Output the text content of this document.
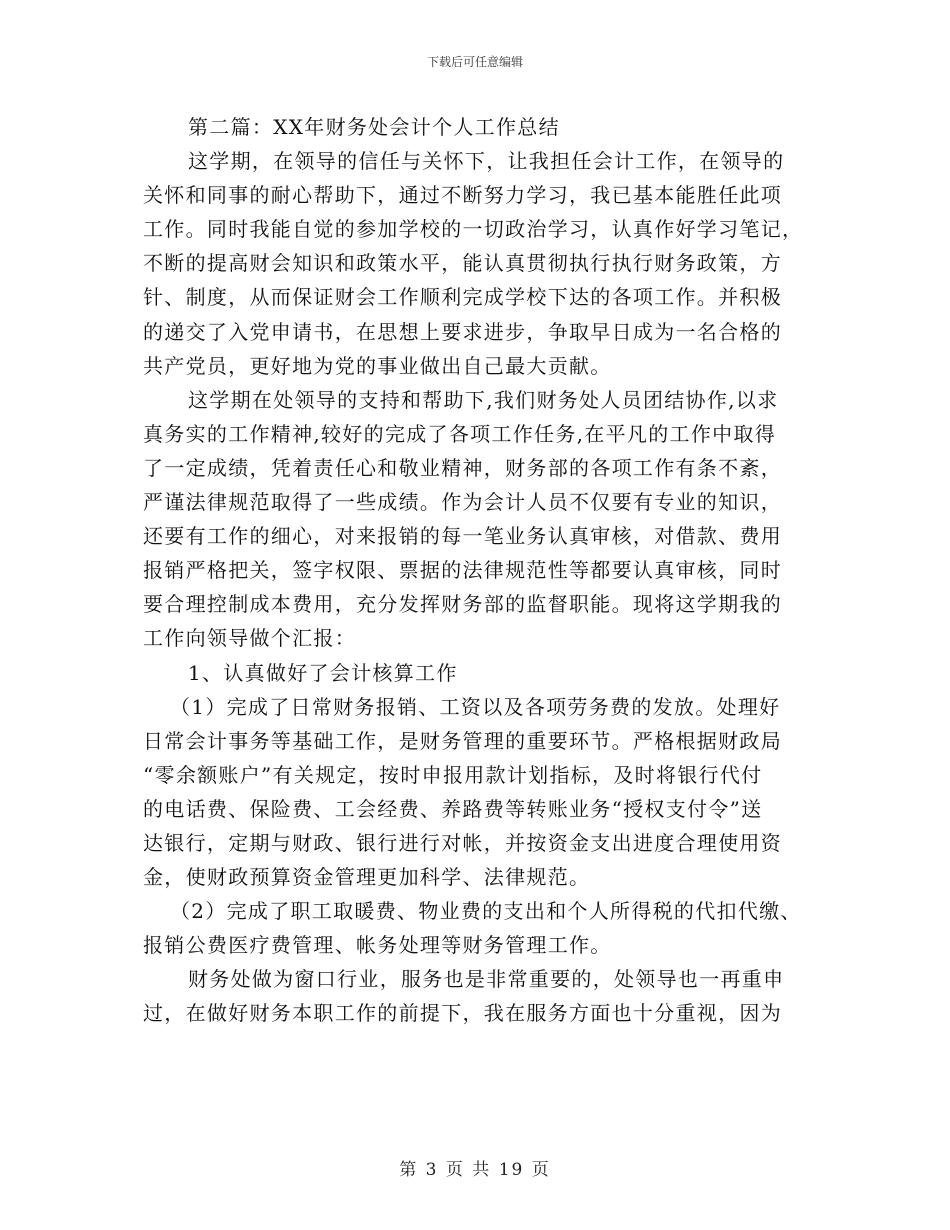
下载后可任意编辑
第二篇：XX年财务处会计个人工作总结
这学期，在领导的信任与关怀下，让我担任会计工作，在领导的
关怀和同事的耐心帮助下，通过不断努力学习，我已基本能胜任此项
工作。同时我能自觉的参加学校的一切政治学习，认真作好学习笔记，
不断的提高财会知识和政策水平，能认真贯彻执行执行财务政策，方
针、制度，从而保证财会工作顺利完成学校下达的各项工作。并积极
的递交了入党申请书，在思想上要求进步，争取早日成为一名合格的
共产党员，更好地为党的事业做出自己最大贡献。
这学期在处领导的支持和帮助下,我们财务处人员团结协作,以求
真务实的工作精神,较好的完成了各项工作任务,在平凡的工作中取得
了一定成绩，凭着责任心和敬业精神，财务部的各项工作有条不紊，
严谨法律规范取得了一些成绩。作为会计人员不仅要有专业的知识，
还要有工作的细心，对来报销的每一笔业务认真审核，对借款、费用
报销严格把关，签字权限、票据的法律规范性等都要认真审核，同时
要合理控制成本费用，充分发挥财务部的监督职能。现将这学期我的
工作向领导做个汇报：
1、认真做好了会计核算工作
（1）完成了日常财务报销、工资以及各项劳务费的发放。处理好
日常会计事务等基础工作，是财务管理的重要环节。严格根据财政局
“零余额账户”有关规定，按时申报用款计划指标，及时将银行代付
的电话费、保险费、工会经费、养路费等转账业务“授权支付令”送
达银行，定期与财政、银行进行对帐，并按资金支出进度合理使用资
金，使财政预算资金管理更加科学、法律规范。
（2）完成了职工取暖费、物业费的支出和个人所得税的代扣代缴、
报销公费医疗费管理、帐务处理等财务管理工作。
财务处做为窗口行业，服务也是非常重要的，处领导也一再重申
过，在做好财务本职工作的前提下，我在服务方面也十分重视，因为
第 3 页 共 19 页
